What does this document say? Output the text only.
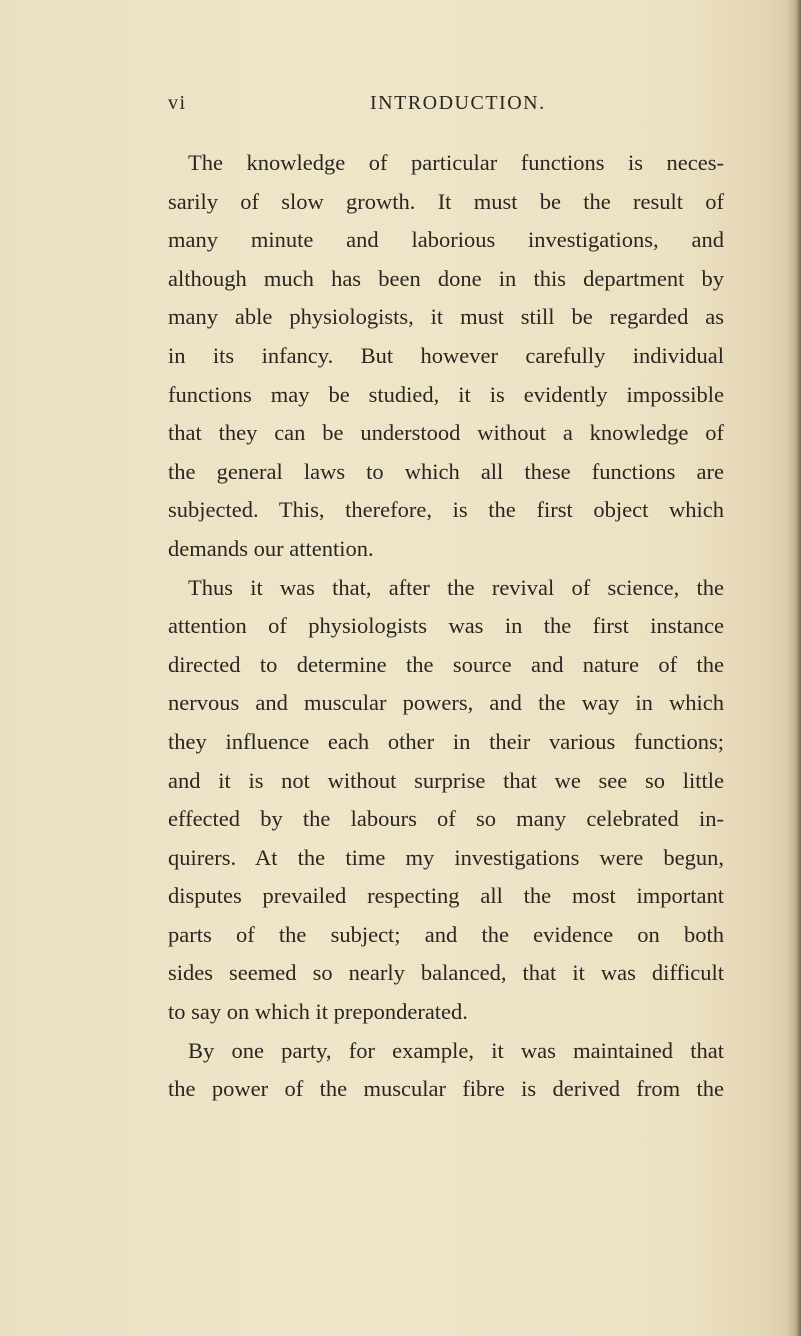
vi	INTRODUCTION.
The knowledge of particular functions is neces-
sarily of slow growth. It must be the result of
many minute and laborious investigations, and
although much has been done in this department by
many able physiologists, it must still be regarded as
in its infancy. But however carefully individual
functions may be studied, it is evidently impossible
that they can be understood without a knowledge of
the general laws to which all these functions are
subjected. This, therefore, is the first object which
demands our attention.
Thus it was that, after the revival of science, the
attention of physiologists was in the first instance
directed to determine the source and nature of the
nervous and muscular powers, and the way in which
they influence each other in their various functions;
and it is not without surprise that we see so little
effected by the labours of so many celebrated in-
quirers. At the time my investigations were begun,
disputes prevailed respecting all the most important
parts of the subject; and the evidence on both
sides seemed so nearly balanced, that it was difficult
to say on which it preponderated.
By one party, for example, it was maintained that
the power of the muscular fibre is derived from the
